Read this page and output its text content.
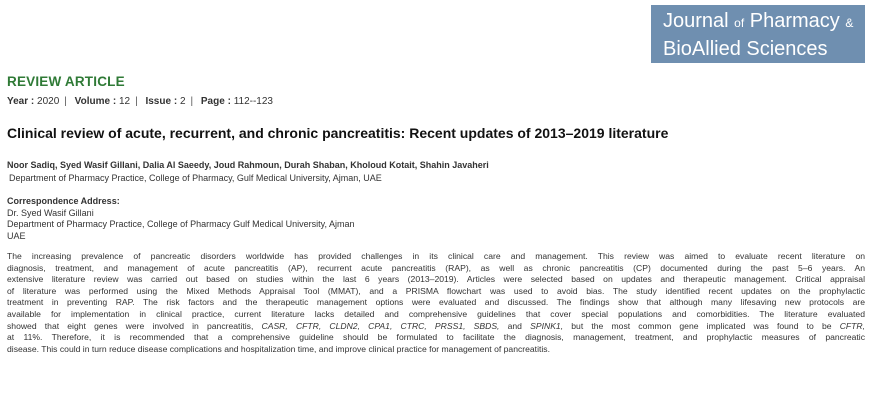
Journal of Pharmacy &
BioAllied Sciences
REVIEW ARTICLE
Year : 2020 | Volume : 12 | Issue : 2 | Page : 112--123
Clinical review of acute, recurrent, and chronic pancreatitis: Recent updates of 2013–2019 literature
Noor Sadiq, Syed Wasif Gillani, Dalia Al Saeedy, Joud Rahmoun, Durah Shaban, Kholoud Kotait, Shahin Javaheri
Department of Pharmacy Practice, College of Pharmacy, Gulf Medical University, Ajman, UAE
Correspondence Address:
Dr. Syed Wasif Gillani
Department of Pharmacy Practice, College of Pharmacy Gulf Medical University, Ajman
UAE
The increasing prevalence of pancreatic disorders worldwide has provided challenges in its clinical care and management. This review was aimed to evaluate recent literature on
diagnosis, treatment, and management of acute pancreatitis (AP), recurrent acute pancreatitis (RAP), as well as chronic pancreatitis (CP) documented during the past 5–6 years. An
extensive literature review was carried out based on studies within the last 6 years (2013–2019). Articles were selected based on updates and therapeutic management. Critical appraisal
of literature was performed using the Mixed Methods Appraisal Tool (MMAT), and a PRISMA flowchart was used to avoid bias. The study identified recent updates on the prophylactic
treatment in preventing RAP. The risk factors and the therapeutic management options were evaluated and discussed. The findings show that although many lifesaving new protocols are
available for implementation in clinical practice, current literature lacks detailed and comprehensive guidelines that cover special populations and comorbidities. The literature evaluated
showed that eight genes were involved in pancreatitis, CASR, CFTR, CLDN2, CPA1, CTRC, PRSS1, SBDS, and SPINK1, but the most common gene implicated was found to be CFTR,
at 11%. Therefore, it is recommended that a comprehensive guideline should be formulated to facilitate the diagnosis, management, treatment, and prophylactic measures of pancreatic
disease. This could in turn reduce disease complications and hospitalization time, and improve clinical practice for management of pancreatitis.
